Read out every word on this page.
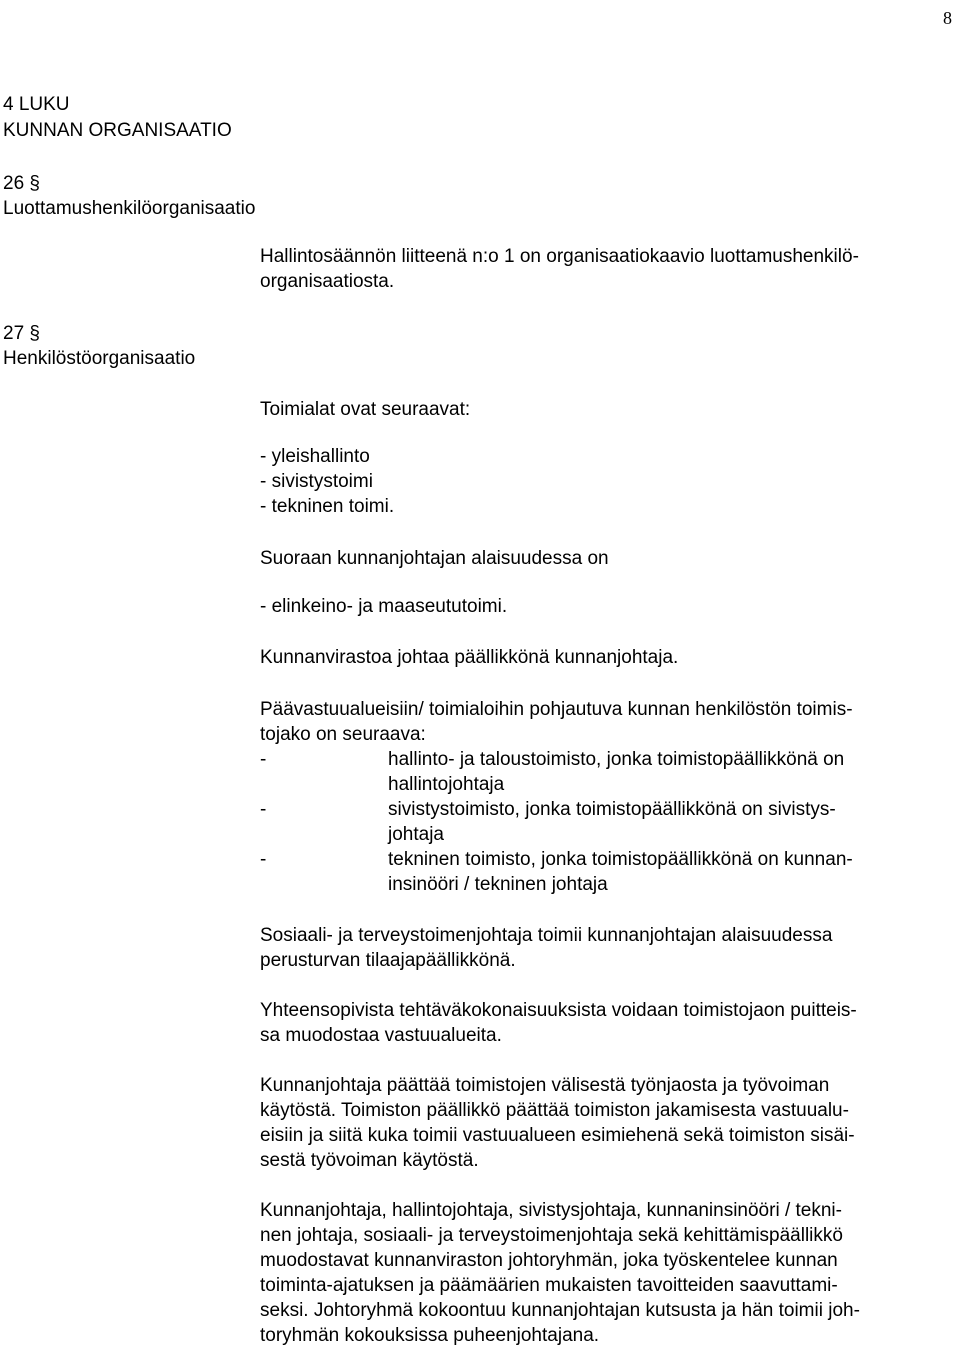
8
4 LUKU
KUNNAN ORGANISAATIO
26 §
Luottamushenkilöorganisaatio
Hallintosäännön liitteenä n:o 1 on organisaatiokaavio luottamushenkilö-
organisaatiosta.
27 §
Henkilöstöorganisaatio
Toimialat ovat seuraavat:
- yleishallinto
- sivistystoimi
- tekninen toimi.
Suoraan kunnanjohtajan alaisuudessa on
- elinkeino- ja maaseututoimi.
Kunnanvirastoa johtaa päällikkönä kunnanjohtaja.
Päävastuualueisiin/ toimialoihin pohjautuva kunnan henkilöstön toimis-
tojako on seuraava:
-	hallinto- ja taloustoimisto, jonka toimistopäällikkönä on
hallintojohtaja
-	sivistystoimisto, jonka toimistopäällikkönä on sivistys-
johtaja
-	tekninen toimisto, jonka toimistopäällikkönä on kunnan-
insinööri / tekninen johtaja
Sosiaali- ja terveystoimenjohtaja toimii kunnanjohtajan alaisuudessa
perusturvan tilaajapäällikkönä.
Yhteensopivista tehtäväkokonaisuuksista voidaan toimistojaon puitteis-
sa muodostaa vastuualueita.
Kunnanjohtaja päättää toimistojen välisestä työnjaosta ja työvoiman
käytöstä. Toimiston päällikkö päättää toimiston jakamisesta vastuualu-
eisiin ja siitä kuka toimii vastuualueen esimiehenä sekä toimiston sisäi-
sestä työvoiman käytöstä.
Kunnanjohtaja, hallintojohtaja, sivistysjohtaja, kunnaninsinööri / tekni-
nen johtaja, sosiaali- ja terveystoimenjohtaja sekä kehittämispäällikkö
muodostavat kunnanviraston johtoryhmän, joka työskentelee kunnan
toiminta-ajatuksen ja päämäärien mukaisten tavoitteiden saavuttami-
seksi. Johtoryhmä kokoontuu kunnanjohtajan kutsusta ja hän toimii joh-
toryhmän kokouksissa puheenjohtajana.
